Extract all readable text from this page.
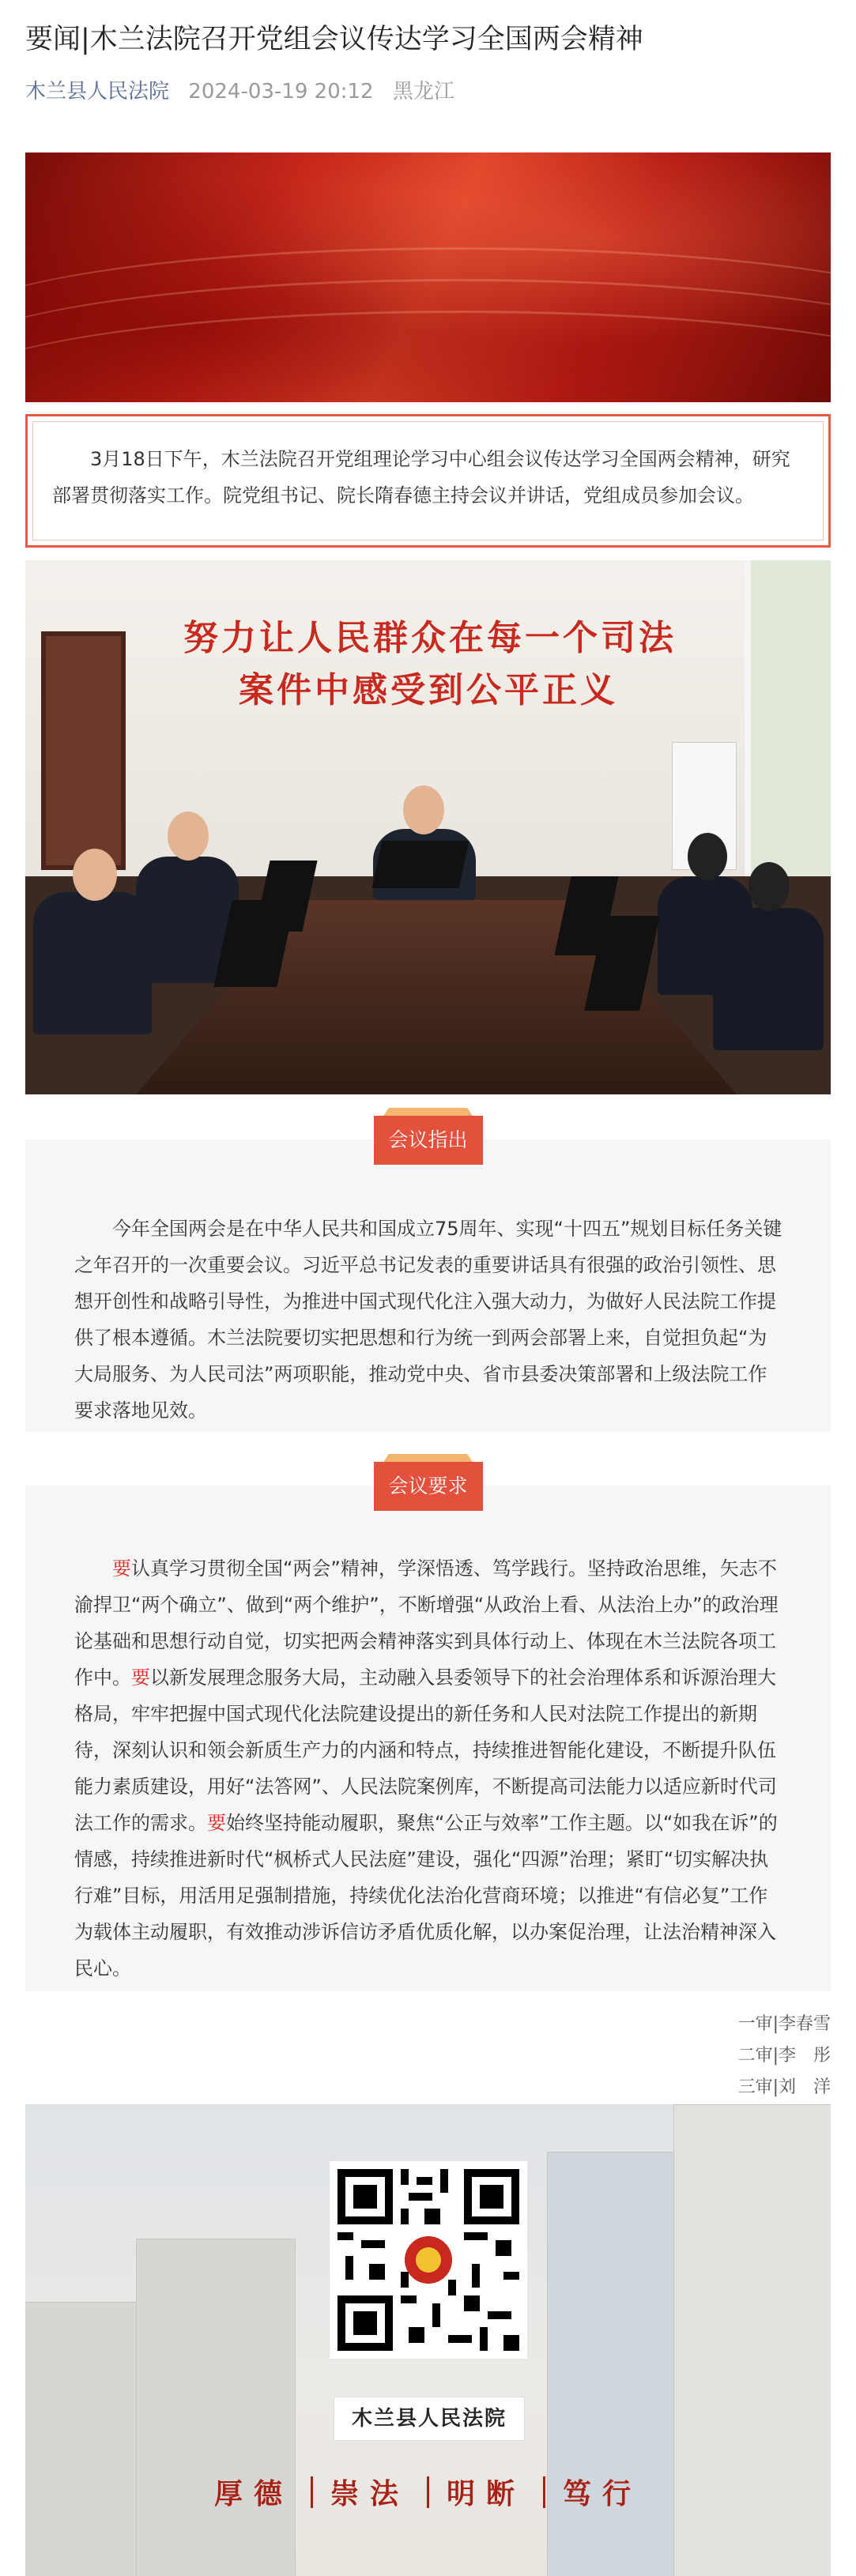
要闻|木兰法院召开党组会议传达学习全国两会精神
木兰县人民法院 2024-03-19 20:12 黑龙江
3月18日下午，木兰法院召开党组理论学习中心组会议传达学习全国两会精神，研究部署贯彻落实工作。院党组书记、院长隋春德主持会议并讲话，党组成员参加会议。
努力让人民群众在每一个司法
案件中感受到公平正义
会议指出

今年全国两会是在中华人民共和国成立75周年、实现“十四五”规划目标任务关键之年召开的一次重要会议。习近平总书记发表的重要讲话具有很强的政治引领性、思想开创性和战略引导性，为推进中国式现代化注入强大动力，为做好人民法院工作提供了根本遵循。木兰法院要切实把思想和行为统一到两会部署上来，自觉担负起“为大局服务、为人民司法”两项职能，推动党中央、省市县委决策部署和上级法院工作要求落地见效。

会议要求

要认真学习贯彻全国“两会”精神，学深悟透、笃学践行。坚持政治思维，矢志不渝捍卫“两个确立”、做到“两个维护”，不断增强“从政治上看、从法治上办”的政治理论基础和思想行动自觉，切实把两会精神落实到具体行动上、体现在木兰法院各项工作中。要以新发展理念服务大局，主动融入县委领导下的社会治理体系和诉源治理大格局，牢牢把握中国式现代化法院建设提出的新任务和人民对法院工作提出的新期待，深刻认识和领会新质生产力的内涵和特点，持续推进智能化建设，不断提升队伍能力素质建设，用好“法答网”、人民法院案例库，不断提高司法能力以适应新时代司法工作的需求。要始终坚持能动履职，聚焦“公正与效率”工作主题。以“如我在诉”的情感，持续推进新时代“枫桥式人民法庭”建设，强化“四源”治理；紧盯“切实解决执行难”目标，用活用足强制措施，持续优化法治化营商环境；以推进“有信必复”工作为载体主动履职，有效推动涉诉信访矛盾优质化解，以办案促治理，让法治精神深入民心。

一审|李春雪
二审|李　彤
三审|刘　洋
木兰县人民法院
厚德	崇法	明断	笃行
